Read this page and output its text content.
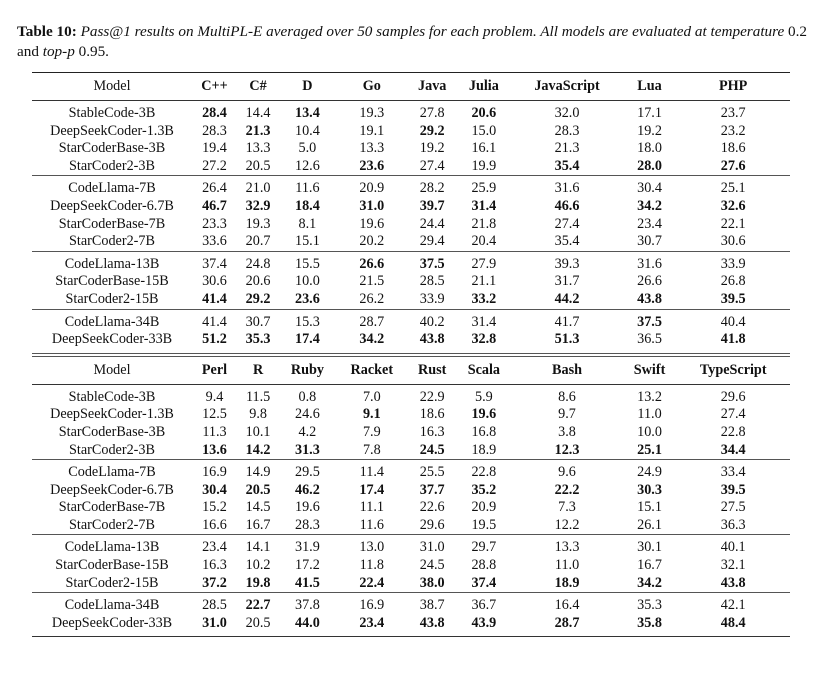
Table 10: Pass@1 results on MultiPL-E averaged over 50 samples for each problem. All models are evaluated at temperature 0.2 and top-p 0.95.
Model	C++	C#	D	Go	Java	Julia	JavaScript	Lua	PHP
StableCode-3B	28.4	14.4	13.4	19.3	27.8	20.6	32.0	17.1	23.7
DeepSeekCoder-1.3B	28.3	21.3	10.4	19.1	29.2	15.0	28.3	19.2	23.2
StarCoderBase-3B	19.4	13.3	5.0	13.3	19.2	16.1	21.3	18.0	18.6
StarCoder2-3B	27.2	20.5	12.6	23.6	27.4	19.9	35.4	28.0	27.6
CodeLlama-7B	26.4	21.0	11.6	20.9	28.2	25.9	31.6	30.4	25.1
DeepSeekCoder-6.7B	46.7	32.9	18.4	31.0	39.7	31.4	46.6	34.2	32.6
StarCoderBase-7B	23.3	19.3	8.1	19.6	24.4	21.8	27.4	23.4	22.1
StarCoder2-7B	33.6	20.7	15.1	20.2	29.4	20.4	35.4	30.7	30.6
CodeLlama-13B	37.4	24.8	15.5	26.6	37.5	27.9	39.3	31.6	33.9
StarCoderBase-15B	30.6	20.6	10.0	21.5	28.5	21.1	31.7	26.6	26.8
StarCoder2-15B	41.4	29.2	23.6	26.2	33.9	33.2	44.2	43.8	39.5
CodeLlama-34B	41.4	30.7	15.3	28.7	40.2	31.4	41.7	37.5	40.4
DeepSeekCoder-33B	51.2	35.3	17.4	34.2	43.8	32.8	51.3	36.5	41.8
Model	Perl	R	Ruby	Racket	Rust	Scala	Bash	Swift	TypeScript
StableCode-3B	9.4	11.5	0.8	7.0	22.9	5.9	8.6	13.2	29.6
DeepSeekCoder-1.3B	12.5	9.8	24.6	9.1	18.6	19.6	9.7	11.0	27.4
StarCoderBase-3B	11.3	10.1	4.2	7.9	16.3	16.8	3.8	10.0	22.8
StarCoder2-3B	13.6	14.2	31.3	7.8	24.5	18.9	12.3	25.1	34.4
CodeLlama-7B	16.9	14.9	29.5	11.4	25.5	22.8	9.6	24.9	33.4
DeepSeekCoder-6.7B	30.4	20.5	46.2	17.4	37.7	35.2	22.2	30.3	39.5
StarCoderBase-7B	15.2	14.5	19.6	11.1	22.6	20.9	7.3	15.1	27.5
StarCoder2-7B	16.6	16.7	28.3	11.6	29.6	19.5	12.2	26.1	36.3
CodeLlama-13B	23.4	14.1	31.9	13.0	31.0	29.7	13.3	30.1	40.1
StarCoderBase-15B	16.3	10.2	17.2	11.8	24.5	28.8	11.0	16.7	32.1
StarCoder2-15B	37.2	19.8	41.5	22.4	38.0	37.4	18.9	34.2	43.8
CodeLlama-34B	28.5	22.7	37.8	16.9	38.7	36.7	16.4	35.3	42.1
DeepSeekCoder-33B	31.0	20.5	44.0	23.4	43.8	43.9	28.7	35.8	48.4
